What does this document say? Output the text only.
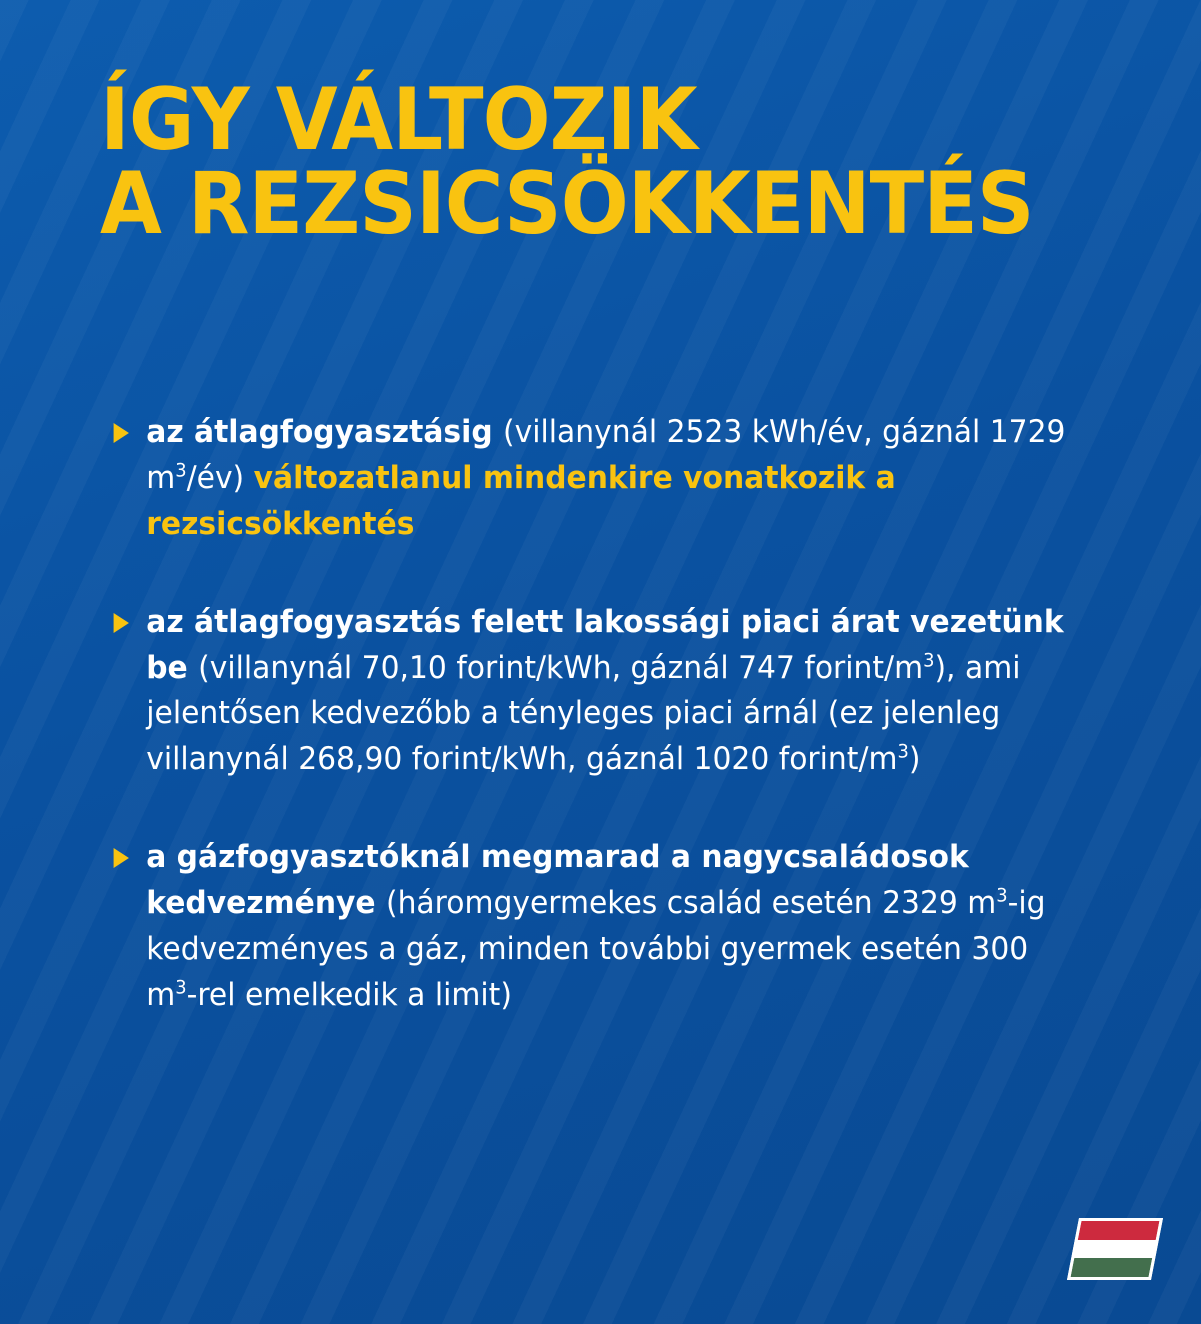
ÍGY VÁLTOZIK
A REZSICSÖKKENTÉS
az átlagfogyasztásig (villanynál 2523 kWh/év, gáznál 1729 $m^3/év$) változatlanul mindenkire vonatkozik a rezsicsökkentés
az átlagfogyasztás felett lakossági piaci árat vezetünk be (villanynál 70,10 forint/kWh, gáznál 747 forint/$m^3$), ami jelentősen kedvezőbb a tényleges piaci árnál (ez jelenleg villanynál 268,90 forint/kWh, gáznál 1020 forint/$m^3$)
a gázfogyasztóknál megmarad a nagycsaládosok kedvezménye (háromgyermekes család esetén 2329 $m^3-ig$ kedvezményes a gáz, minden további gyermek esetén 300 $m^3$-rel emelkedik a limit)
